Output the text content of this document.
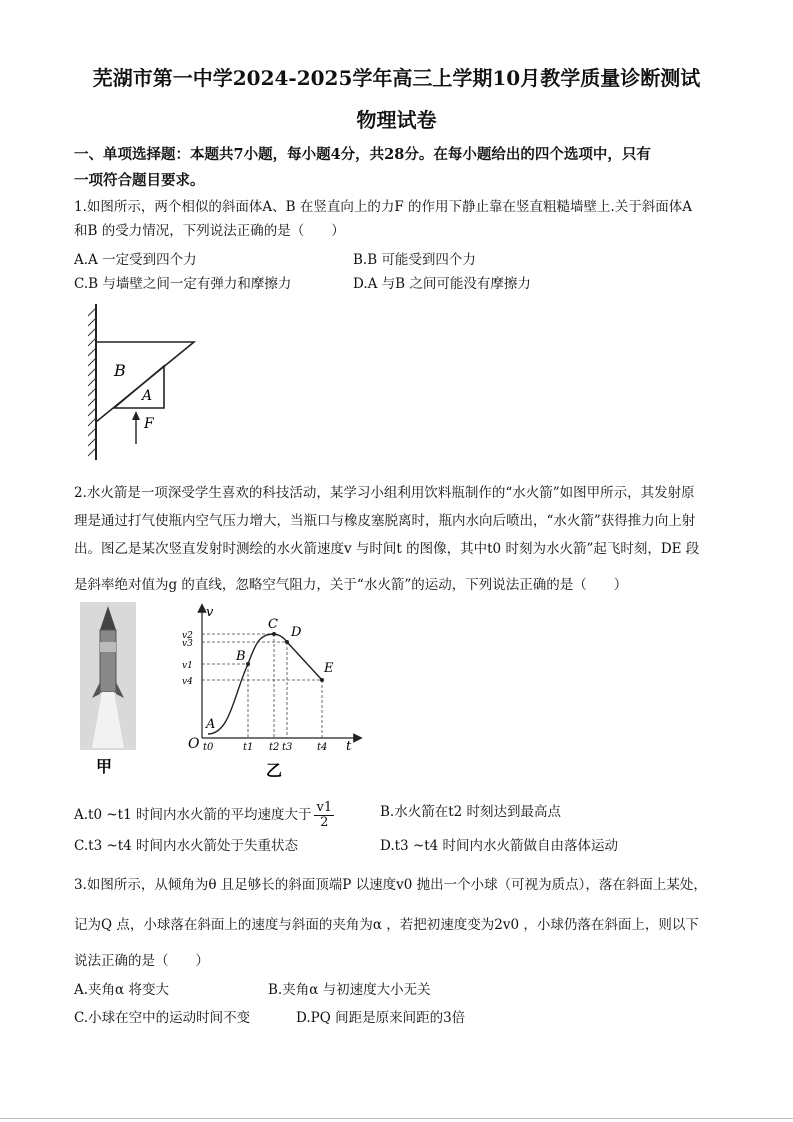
芜湖市第一中学2024-2025学年高三上学期10月教学质量诊断测试
物理试卷
一、单项选择题：本题共7小题，每小题4分，共28分。在每小题给出的四个选项中，只有
一项符合题目要求。
1.如图所示，两个相似的斜面体A、B 在竖直向上的力F 的作用下静止靠在竖直粗糙墙壁上.关于斜面体A
和B 的受力情况，下列说法正确的是（　　）
A.A 一定受到四个力	B.B 可能受到四个力
C.B 与墙壁之间一定有弹力和摩擦力	D.A 与B 之间可能没有摩擦力
B
A
F
2.水火箭是一项深受学生喜欢的科技活动，某学习小组利用饮料瓶制作的“水火箭”如图甲所示，其发射原
理是通过打气使瓶内空气压力增大，当瓶口与橡皮塞脱离时，瓶内水向后喷出，“水火箭”获得推力向上射
出。图乙是某次竖直发射时测绘的水火箭速度v 与时间t 的图像，其中t0 时刻为水火箭”起飞时刻，DE 段
是斜率绝对值为g 的直线，忽略空气阻力，关于“水火箭”的运动，下列说法正确的是（　　）
甲
A
B
C
D
E
t0	t1 t2 t3 t4
v2
v3
v1
v4
t
v
O
乙
A.t0 ~t1 时间内水火箭的平均速度大于 $\frac{v1}{2}$	B.水火箭在t2 时刻达到最高点
C.t3 ~t4 时间内水火箭处于失重状态	D.t3 ~t4 时间内水火箭做自由落体运动
3.如图所示，从倾角为θ 且足够长的斜面顶端P 以速度v0 抛出一个小球（可视为质点），落在斜面上某处，
记为Q 点，小球落在斜面上的速度与斜面的夹角为α ，若把初速度变为2v0 ，小球仍落在斜面上，则以下
说法正确的是（　　）
A.夹角α 将变大	B.夹角α 与初速度大小无关
C.小球在空中的运动时间不变	D.PQ 间距是原来间距的3倍
